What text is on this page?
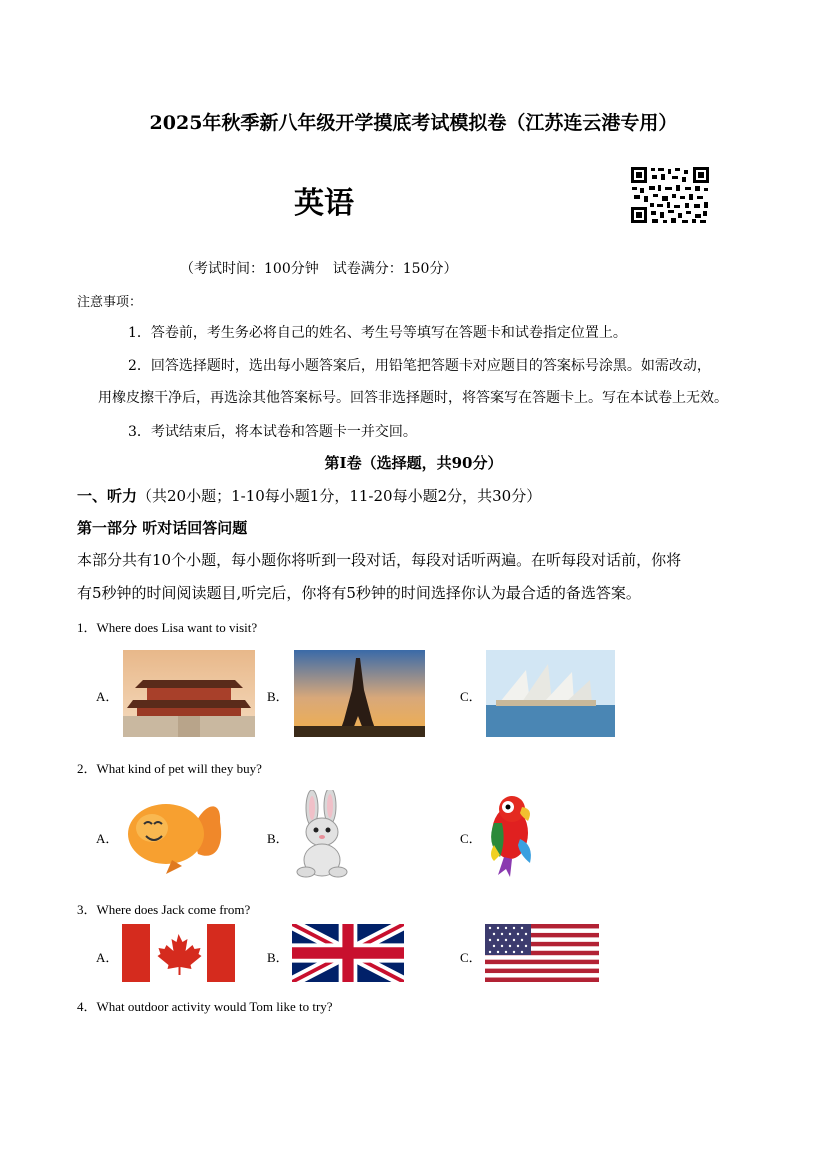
2025年秋季新八年级开学摸底考试模拟卷（江苏连云港专用）
英语
（考试时间：100分钟　试卷满分：150分）
注意事项：
1．答卷前，考生务必将自己的姓名、考生号等填写在答题卡和试卷指定位置上。
2．回答选择题时，选出每小题答案后，用铅笔把答题卡对应题目的答案标号涂黑。如需改动，
用橡皮擦干净后，再选涂其他答案标号。回答非选择题时，将答案写在答题卡上。写在本试卷上无效。
3．考试结束后，将本试卷和答题卡一并交回。
第I卷（选择题，共90分）
一、听力（共20小题；1-10每小题1分，11-20每小题2分，共30分）
第一部分 听对话回答问题
本部分共有10个小题，每小题你将听到一段对话，每段对话听两遍。在听每段对话前，你将
有5秒钟的时间阅读题目,听完后，你将有5秒钟的时间选择你认为最合适的备选答案。
1．Where does Lisa want to visit?
A．	B．	C．
2．What kind of pet will they buy?
A．	B．	C．
3．Where does Jack come from?
A．	B．	C．
4．What outdoor activity would Tom like to try?
